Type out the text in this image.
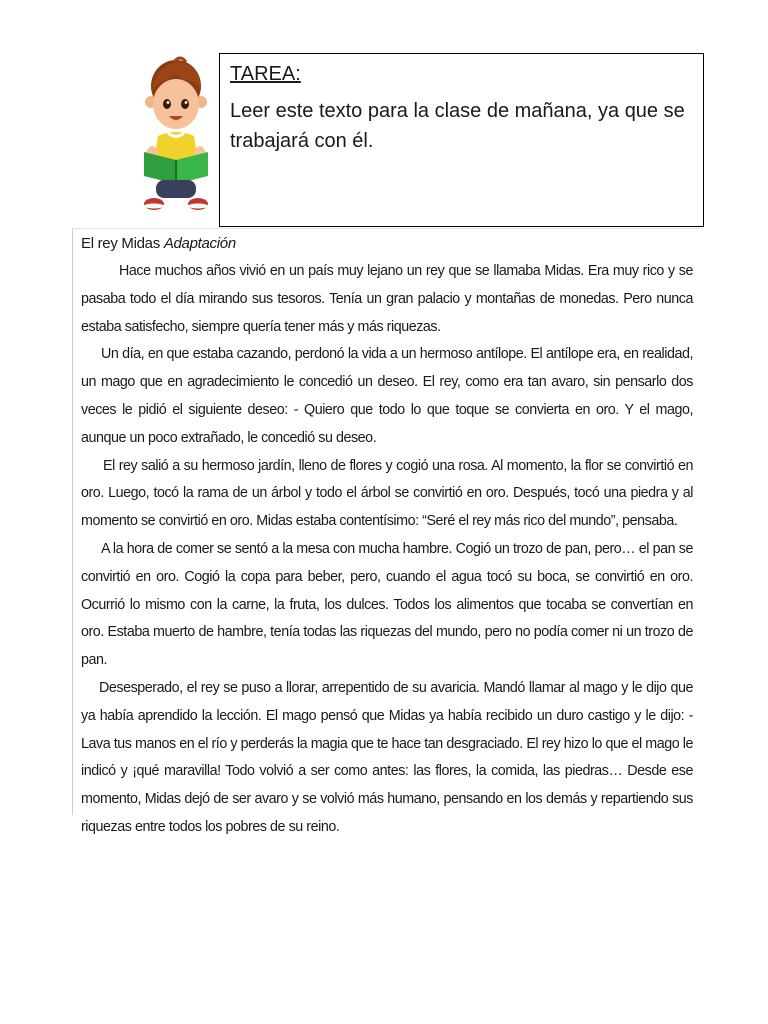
TAREA:

Leer este texto para la clase de mañana, ya que se trabajará con él.

El rey Midas Adaptación

Hace muchos años vivió en un país muy lejano un rey que se llamaba Midas. Era muy rico y se pasaba todo el día mirando sus tesoros. Tenía un gran palacio y montañas de monedas. Pero nunca estaba satisfecho, siempre quería tener más y más riquezas.

Un día, en que estaba cazando, perdonó la vida a un hermoso antílope. El antílope era, en realidad, un mago que en agradecimiento le concedió un deseo. El rey, como era tan avaro, sin pensarlo dos veces le pidió el siguiente deseo: - Quiero que todo lo que toque se convierta en oro. Y el mago, aunque un poco extrañado, le concedió su deseo.

El rey salió a su hermoso jardín, lleno de flores y cogió una rosa. Al momento, la flor se convirtió en oro. Luego, tocó la rama de un árbol y todo el árbol se convirtió en oro. Después, tocó una piedra y al momento se convirtió en oro. Midas estaba contentísimo: “Seré el rey más rico del mundo”, pensaba.

A la hora de comer se sentó a la mesa con mucha hambre. Cogió un trozo de pan, pero… el pan se convirtió en oro. Cogió la copa para beber, pero, cuando el agua tocó su boca, se convirtió en oro. Ocurrió lo mismo con la carne, la fruta, los dulces. Todos los alimentos que tocaba se convertían en oro. Estaba muerto de hambre, tenía todas las riquezas del mundo, pero no podía comer ni un trozo de pan.

Desesperado, el rey se puso a llorar, arrepentido de su avaricia. Mandó llamar al mago y le dijo que ya había aprendido la lección. El mago pensó que Midas ya había recibido un duro castigo y le dijo: -Lava tus manos en el río y perderás la magia que te hace tan desgraciado. El rey hizo lo que el mago le indicó y ¡qué maravilla! Todo volvió a ser como antes: las flores, la comida, las piedras… Desde ese momento, Midas dejó de ser avaro y se volvió más humano, pensando en los demás y repartiendo sus riquezas entre todos los pobres de su reino.
